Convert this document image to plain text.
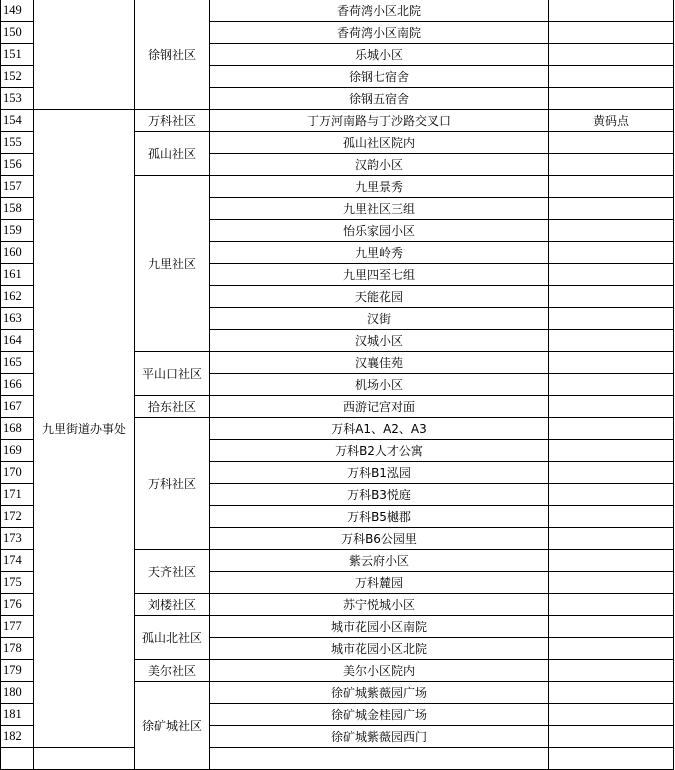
149		徐钢社区	香荷湾小区北院	
150			香荷湾小区南院	
151			乐城小区	
152			徐钢七宿舍	
153			徐钢五宿舍	
154	九里街道办事处	万科社区	丁万河南路与丁沙路交叉口	黄码点
155		孤山社区	孤山社区院内	
156			汉韵小区	
157		九里社区	九里景秀	
158			九里社区三组	
159			怡乐家园小区	
160			九里岭秀	
161			九里四至七组	
162			天能花园	
163			汉街	
164			汉城小区	
165		平山口社区	汉襄佳苑	
166			机场小区	
167		拾东社区	西游记宫对面	
168		万科社区	万科A1、A2、A3	
169			万科B2人才公寓	
170			万科B1泓园	
171			万科B3悦庭	
172			万科B5樾郡	
173			万科B6公园里	
174		天齐社区	紫云府小区	
175			万科麓园	
176		刘楼社区	苏宁悦城小区	
177		孤山北社区	城市花园小区南院	
178			城市花园小区北院	
179		美尔社区	美尔小区院内	
180		徐矿城社区	徐矿城紫薇园广场	
181			徐矿城金桂园广场	
182			徐矿城紫薇园西门	
